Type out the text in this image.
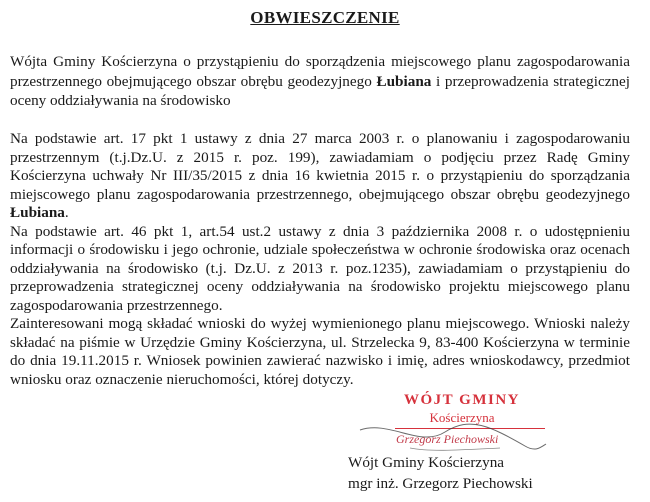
OBWIESZCZENIE
Wójta Gminy Kościerzyna o przystąpieniu do sporządzenia miejscowego planu zagospodarowania przestrzennego obejmującego obszar obrębu geodezyjnego Łubiana i przeprowadzenia strategicznej oceny oddziaływania na środowisko

Na podstawie art. 17 pkt 1 ustawy z dnia 27 marca 2003 r. o planowaniu i zagospodarowaniu przestrzennym (t.j.Dz.U. z 2015 r. poz. 199), zawiadamiam o podjęciu przez Radę Gminy Kościerzyna uchwały Nr III/35/2015 z dnia 16 kwietnia 2015 r. o przystąpieniu do sporządzania miejscowego planu zagospodarowania przestrzennego, obejmującego obszar obrębu geodezyjnego Łubiana.

Na podstawie art. 46 pkt 1, art.54 ust.2 ustawy z dnia 3 października 2008 r. o udostępnieniu informacji o środowisku i jego ochronie, udziale społeczeństwa w ochronie środowiska oraz ocenach oddziaływania na środowisko (t.j. Dz.U. z 2013 r. poz.1235), zawiadamiam o przystąpieniu do przeprowadzenia strategicznej oceny oddziaływania na środowisko projektu miejscowego planu zagospodarowania przestrzennego.

Zainteresowani mogą składać wnioski do wyżej wymienionego planu miejscowego. Wnioski należy składać na piśmie w Urzędzie Gminy Kościerzyna, ul. Strzelecka 9, 83-400 Kościerzyna w terminie do dnia 19.11.2015 r. Wniosek powinien zawierać nazwisko i imię, adres wnioskodawcy, przedmiot wniosku oraz oznaczenie nieruchomości, której dotyczy.

WÓJT GMINY
Kościerzyna
Grzegorz Piechowski
Wójt Gminy Kościerzyna
mgr inż. Grzegorz Piechowski
